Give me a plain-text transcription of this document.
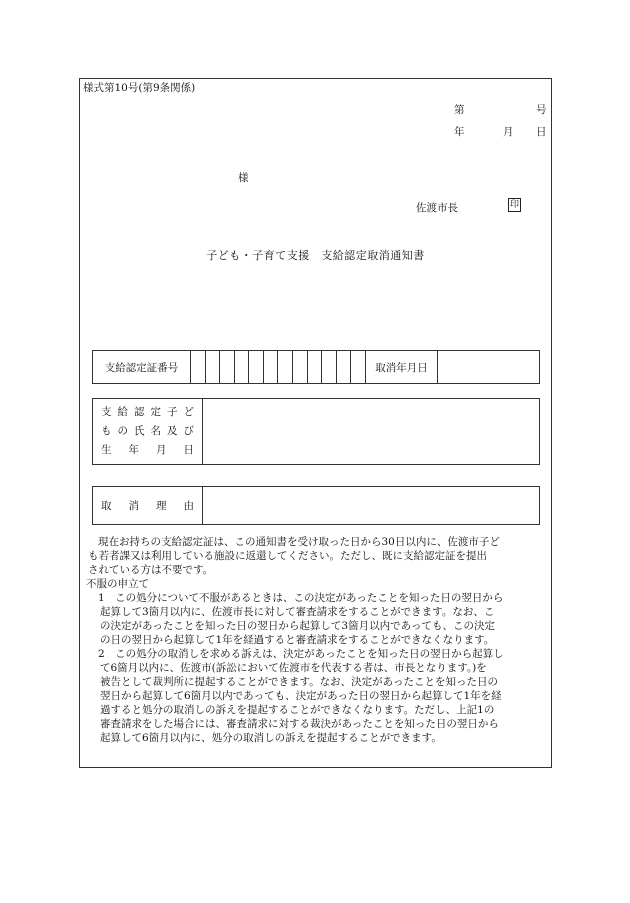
様式第10号(第9条関係)
第	号
年	月 日
様
佐渡市長	印
子ども・子育て支援　支給認定取消通知書
支給認定証番号	取消年月日
支 給 認 定 子 ど
も の 氏 名 及 び
生 年 月 日
取 消 理 由

現在お持ちの支給認定証は、この通知書を受け取った日から30日以内に、佐渡市子ど

も若者課又は利用している施設に返還してください。ただし、既に支給認定証を提出

されている方は不要です。

不服の申立て

1　この処分について不服があるときは、この決定があったことを知った日の翌日から

起算して3箇月以内に、佐渡市長に対して審査請求をすることができます。なお、こ

の決定があったことを知った日の翌日から起算して3箇月以内であっても、この決定

の日の翌日から起算して1年を経過すると審査請求をすることができなくなります。

2　この処分の取消しを求める訴えは、決定があったことを知った日の翌日から起算し

て6箇月以内に、佐渡市(訴訟において佐渡市を代表する者は、市長となります。)を

被告として裁判所に提起することができます。なお、決定があったことを知った日の

翌日から起算して6箇月以内であっても、決定があった日の翌日から起算して1年を経

過すると処分の取消しの訴えを提起することができなくなります。ただし、上記1の

審査請求をした場合には、審査請求に対する裁決があったことを知った日の翌日から

起算して6箇月以内に、処分の取消しの訴えを提起することができます。
